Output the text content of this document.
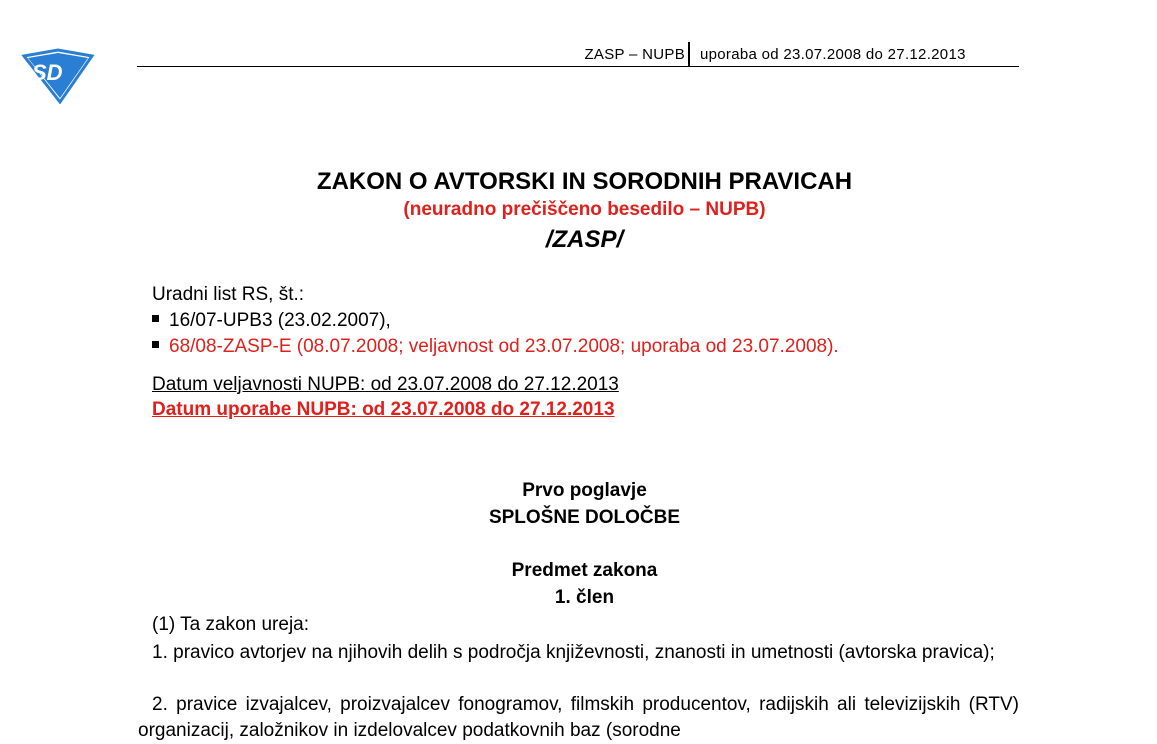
SD
ZASP – NUPB uporaba od 23.07.2008 do 27.12.2013
ZAKON O AVTORSKI IN SORODNIH PRAVICAH
(neuradno prečiščeno besedilo – NUPB)
/ZASP/
Uradni list RS, št.:
16/07-UPB3 (23.02.2007),
68/08-ZASP-E (08.07.2008; veljavnost od 23.07.2008; uporaba od 23.07.2008).
Datum veljavnosti NUPB: od 23.07.2008 do 27.12.2013
Datum uporabe NUPB: od 23.07.2008 do 27.12.2013
Prvo poglavje
SPLOŠNE DOLOČBE
Predmet zakona
1. člen
(1) Ta zakon ureja:
1. pravico avtorjev na njihovih delih s področja književnosti, znanosti in umetnosti (avtorska pravica);
2. pravice izvajalcev, proizvajalcev fonogramov, filmskih producentov, radijskih ali televizijskih (RTV) organizacij, založnikov in izdelovalcev podatkovnih baz (sorodne
